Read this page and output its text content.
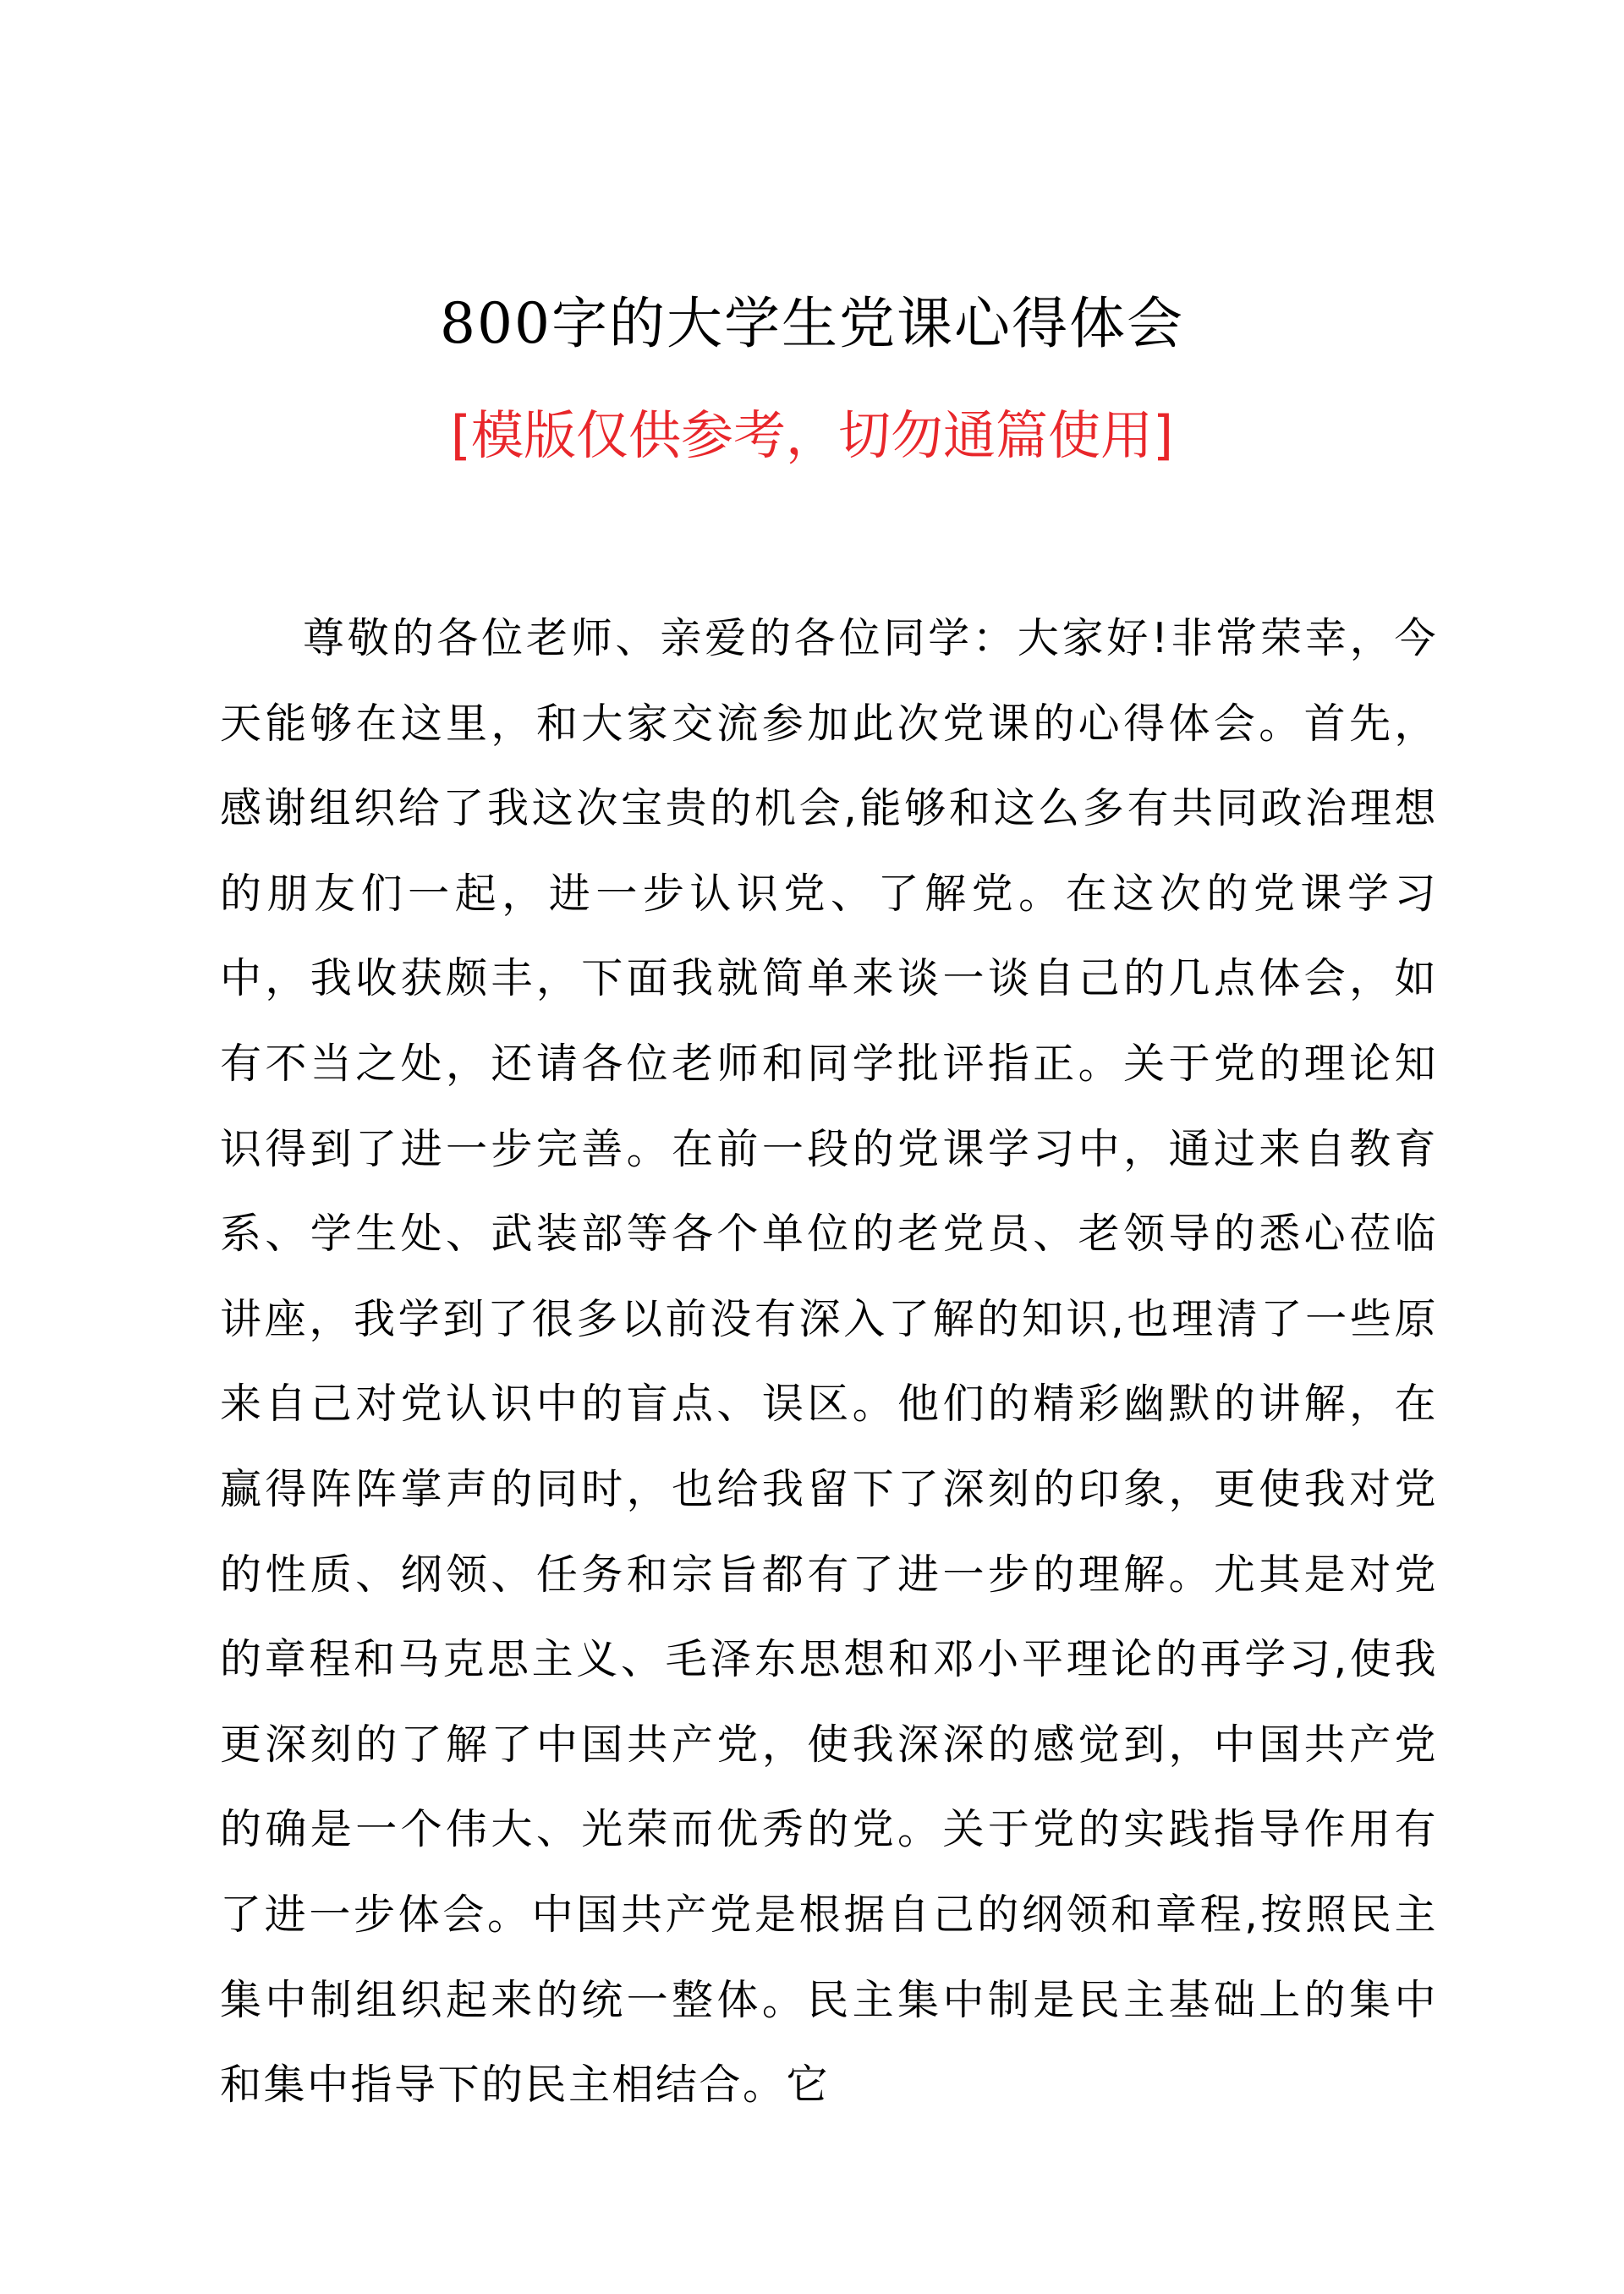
800字的大学生党课心得体会
[模版仅供参考，切勿通篇使用]

尊敬的各位老师、亲爱的各位同学：大家好!非常荣幸，今天能够在这里，和大家交流参加此次党课的心得体会。首先，感谢组织给了我这次宝贵的机会,能够和这么多有共同政治理想的朋友们一起，进一步认识党、了解党。在这次的党课学习中，我收获颇丰，下面我就简单来谈一谈自己的几点体会，如有不当之处，还请各位老师和同学批评指正。关于党的理论知识得到了进一步完善。在前一段的党课学习中，通过来自教育系、学生处、武装部等各个单位的老党员、老领导的悉心莅临讲座，我学到了很多以前没有深入了解的知识,也理清了一些原来自己对党认识中的盲点、误区。他们的精彩幽默的讲解，在赢得阵阵掌声的同时，也给我留下了深刻的印象，更使我对党的性质、纲领、任务和宗旨都有了进一步的理解。尤其是对党的章程和马克思主义、毛泽东思想和邓小平理论的再学习,使我更深刻的了解了中国共产党，使我深深的感觉到，中国共产党的确是一个伟大、光荣而优秀的党。关于党的实践指导作用有了进一步体会。中国共产党是根据自己的纲领和章程,按照民主集中制组织起来的统一整体。民主集中制是民主基础上的集中和集中指导下的民主相结合。它
